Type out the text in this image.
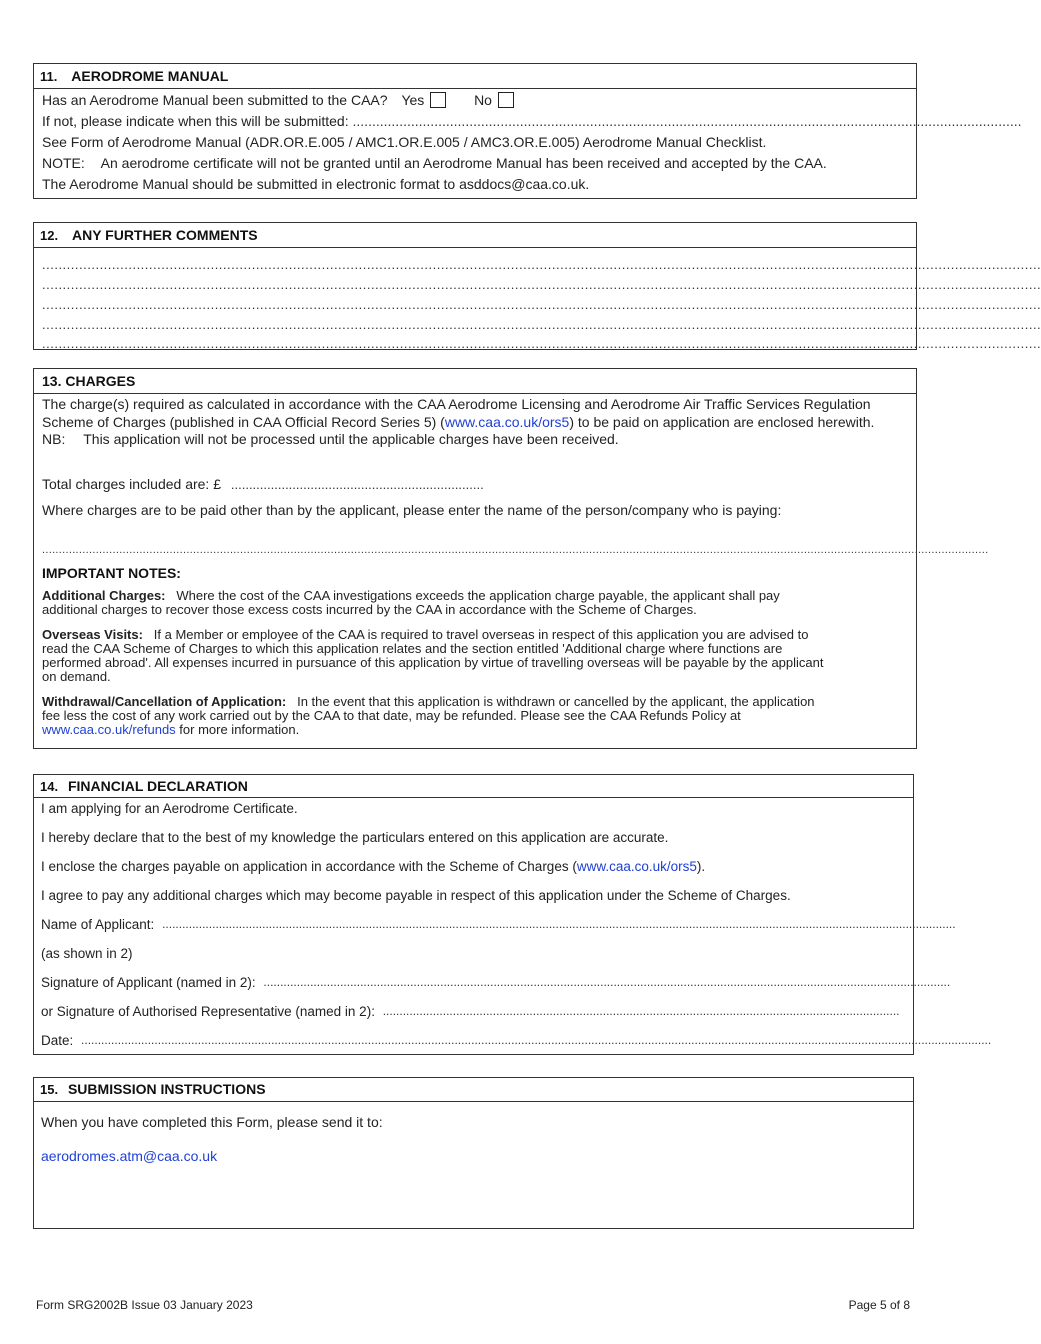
11. AERODROME MANUAL
Has an Aerodrome Manual been submitted to the CAA? Yes	No
If not, please indicate when this will be submitted: ............................................................................................................................................................................
See Form of Aerodrome Manual (ADR.OR.E.005 / AMC1.OR.E.005 / AMC3.OR.E.005) Aerodrome Manual Checklist.
NOTE: An aerodrome certificate will not be granted until an Aerodrome Manual has been received and accepted by the CAA.
The Aerodrome Manual should be submitted in electronic format to asddocs@caa.co.uk.
12. ANY FURTHER COMMENTS
...................................................................................................................................................................................................................................................
...................................................................................................................................................................................................................................................
...................................................................................................................................................................................................................................................
...................................................................................................................................................................................................................................................
...................................................................................................................................................................................................................................................
13. CHARGES
The charge(s) required as calculated in accordance with the CAA Aerodrome Licensing and Aerodrome Air Traffic Services Regulation
Scheme of Charges (published in CAA Official Record Series 5) (www.caa.co.uk/ors5) to be paid on application are enclosed herewith.
NB: This application will not be processed until the applicable charges have been received.
Total charges included are: £ ......................................................................
Where charges are to be paid other than by the applicant, please enter the name of the person/company who is paying:
..........................................................................................................................................................................................................................................................................................
IMPORTANT NOTES:
Additional Charges: Where the cost of the CAA investigations exceeds the application charge payable, the applicant shall pay
additional charges to recover those excess costs incurred by the CAA in accordance with the Scheme of Charges.
Overseas Visits: If a Member or employee of the CAA is required to travel overseas in respect of this application you are advised to
read the CAA Scheme of Charges to which this application relates and the section entitled 'Additional charge where functions are
performed abroad'. All expenses incurred in pursuance of this application by virtue of travelling overseas will be payable by the applicant
on demand.
Withdrawal/Cancellation of Application: In the event that this application is withdrawn or cancelled by the applicant, the application
fee less the cost of any work carried out by the CAA to that date, may be refunded. Please see the CAA Refunds Policy at
www.caa.co.uk/refunds for more information.
14. FINANCIAL DECLARATION
I am applying for an Aerodrome Certificate.
I hereby declare that to the best of my knowledge the particulars entered on this application are accurate.
I enclose the charges payable on application in accordance with the Scheme of Charges (www.caa.co.uk/ors5).
I agree to pay any additional charges which may become payable in respect of this application under the Scheme of Charges.
Name of Applicant: ..............................................................................................................................................................................................................................................
(as shown in 2)
Signature of Applicant (named in 2): ..............................................................................................................................................................................................................
or Signature of Authorised Representative (named in 2): ...........................................................................................................................................................
Date: .................................................................................................................................................................................................................................................................................
15. SUBMISSION INSTRUCTIONS
When you have completed this Form, please send it to:
aerodromes.atm@caa.co.uk
Form SRG2002B Issue 03 January 2023	Page 5 of 8
